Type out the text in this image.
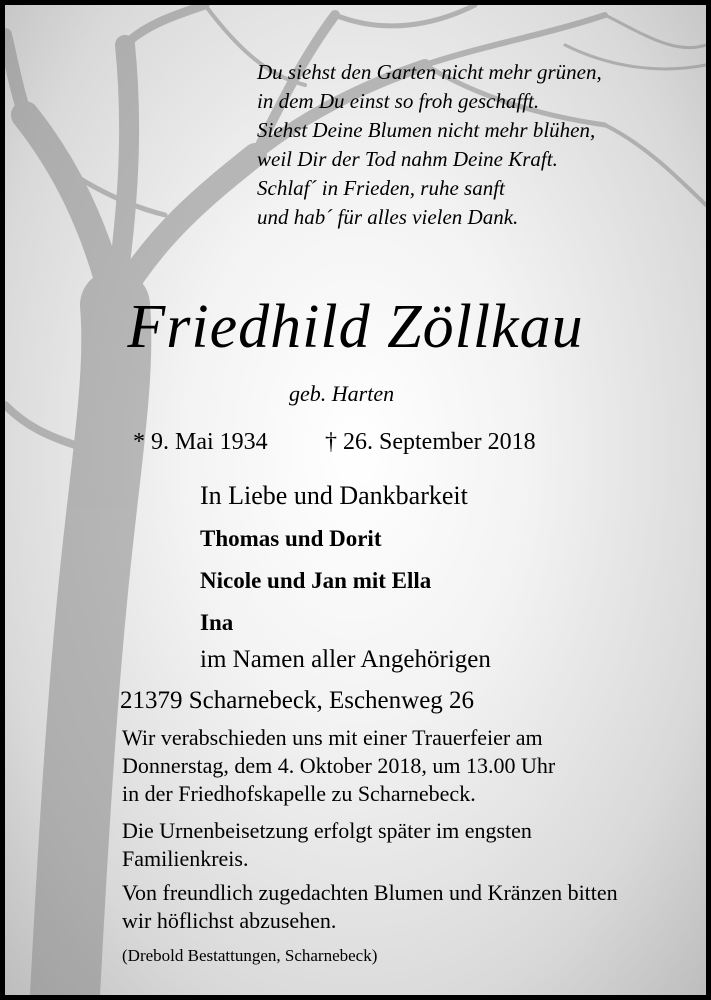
Du siehst den Garten nicht mehr grünen,
in dem Du einst so froh geschafft.
Siehst Deine Blumen nicht mehr blühen,
weil Dir der Tod nahm Deine Kraft.
Schlaf´ in Frieden, ruhe sanft
und hab´ für alles vielen Dank.
Friedhild Zöllkau
geb. Harten
* 9. Mai 1934 † 26. September 2018
In Liebe und Dankbarkeit
Thomas und Dorit
Nicole und Jan mit Ella
Ina
im Namen aller Angehörigen
21379 Scharnebeck, Eschenweg 26
Wir verabschieden uns mit einer Trauerfeier am
Donnerstag, dem 4. Oktober 2018, um 13.00 Uhr
in der Friedhofskapelle zu Scharnebeck.
Die Urnenbeisetzung erfolgt später im engsten
Familienkreis.
Von freundlich zugedachten Blumen und Kränzen bitten
wir höflichst abzusehen.
(Drebold Bestattungen, Scharnebeck)
